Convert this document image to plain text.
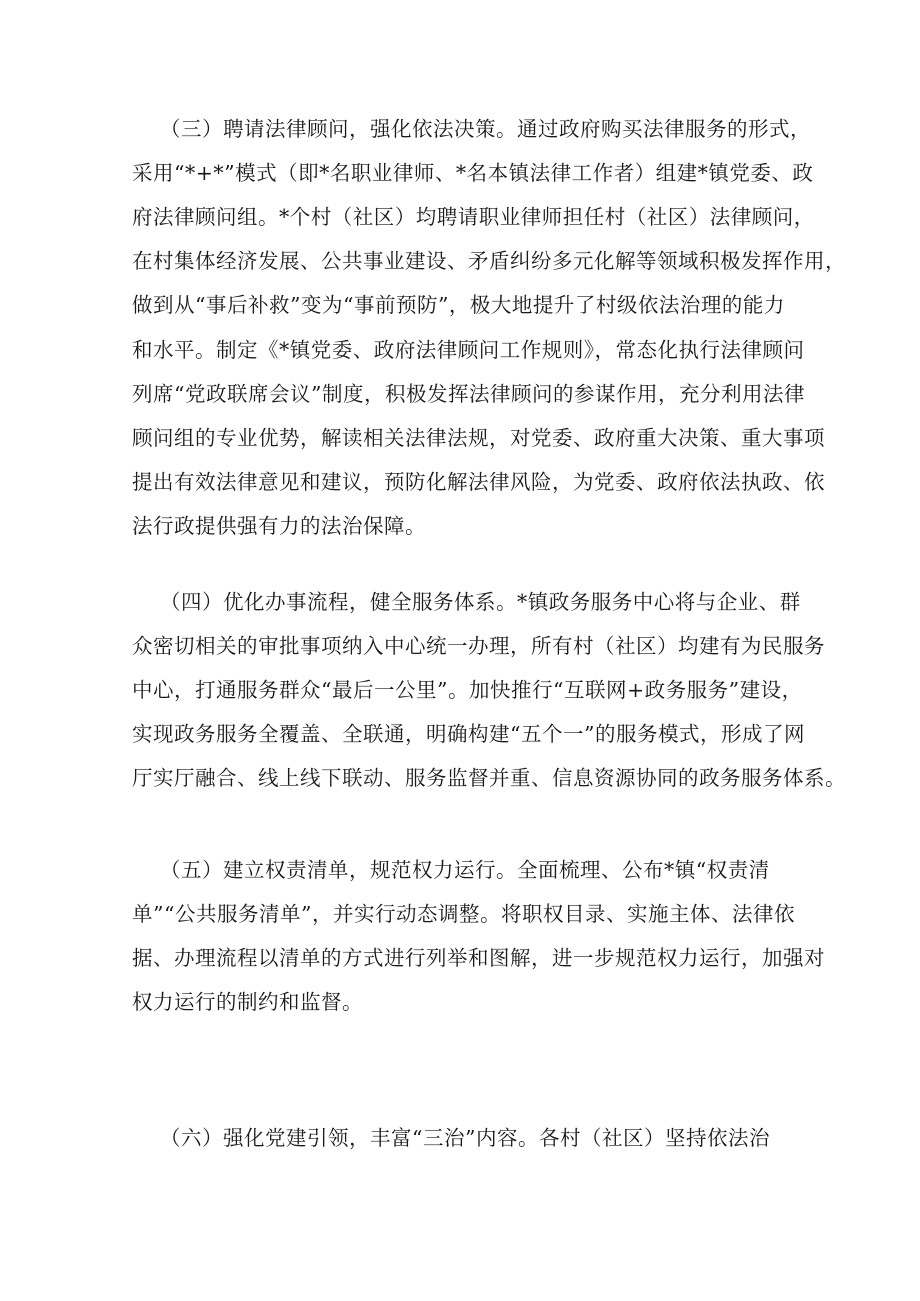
（三）聘请法律顾问，强化依法决策。通过政府购买法律服务的形式，
采用“*+*”模式（即*名职业律师、*名本镇法律工作者）组建*镇党委、政
府法律顾问组。*个村（社区）均聘请职业律师担任村（社区）法律顾问，
在村集体经济发展、公共事业建设、矛盾纠纷多元化解等领域积极发挥作用，
做到从“事后补救”变为“事前预防”，极大地提升了村级依法治理的能力
和水平。制定《*镇党委、政府法律顾问工作规则》，常态化执行法律顾问
列席“党政联席会议”制度，积极发挥法律顾问的参谋作用，充分利用法律
顾问组的专业优势，解读相关法律法规，对党委、政府重大决策、重大事项
提出有效法律意见和建议，预防化解法律风险，为党委、政府依法执政、依
法行政提供强有力的法治保障。
（四）优化办事流程，健全服务体系。*镇政务服务中心将与企业、群
众密切相关的审批事项纳入中心统一办理，所有村（社区）均建有为民服务
中心，打通服务群众“最后一公里”。加快推行“互联网+政务服务”建设，
实现政务服务全覆盖、全联通，明确构建“五个一”的服务模式，形成了网
厅实厅融合、线上线下联动、服务监督并重、信息资源协同的政务服务体系。
（五）建立权责清单，规范权力运行。全面梳理、公布*镇“权责清
单”“公共服务清单”，并实行动态调整。将职权目录、实施主体、法律依
据、办理流程以清单的方式进行列举和图解，进一步规范权力运行，加强对
权力运行的制约和监督。
（六）强化党建引领，丰富“三治”内容。各村（社区）坚持依法治
